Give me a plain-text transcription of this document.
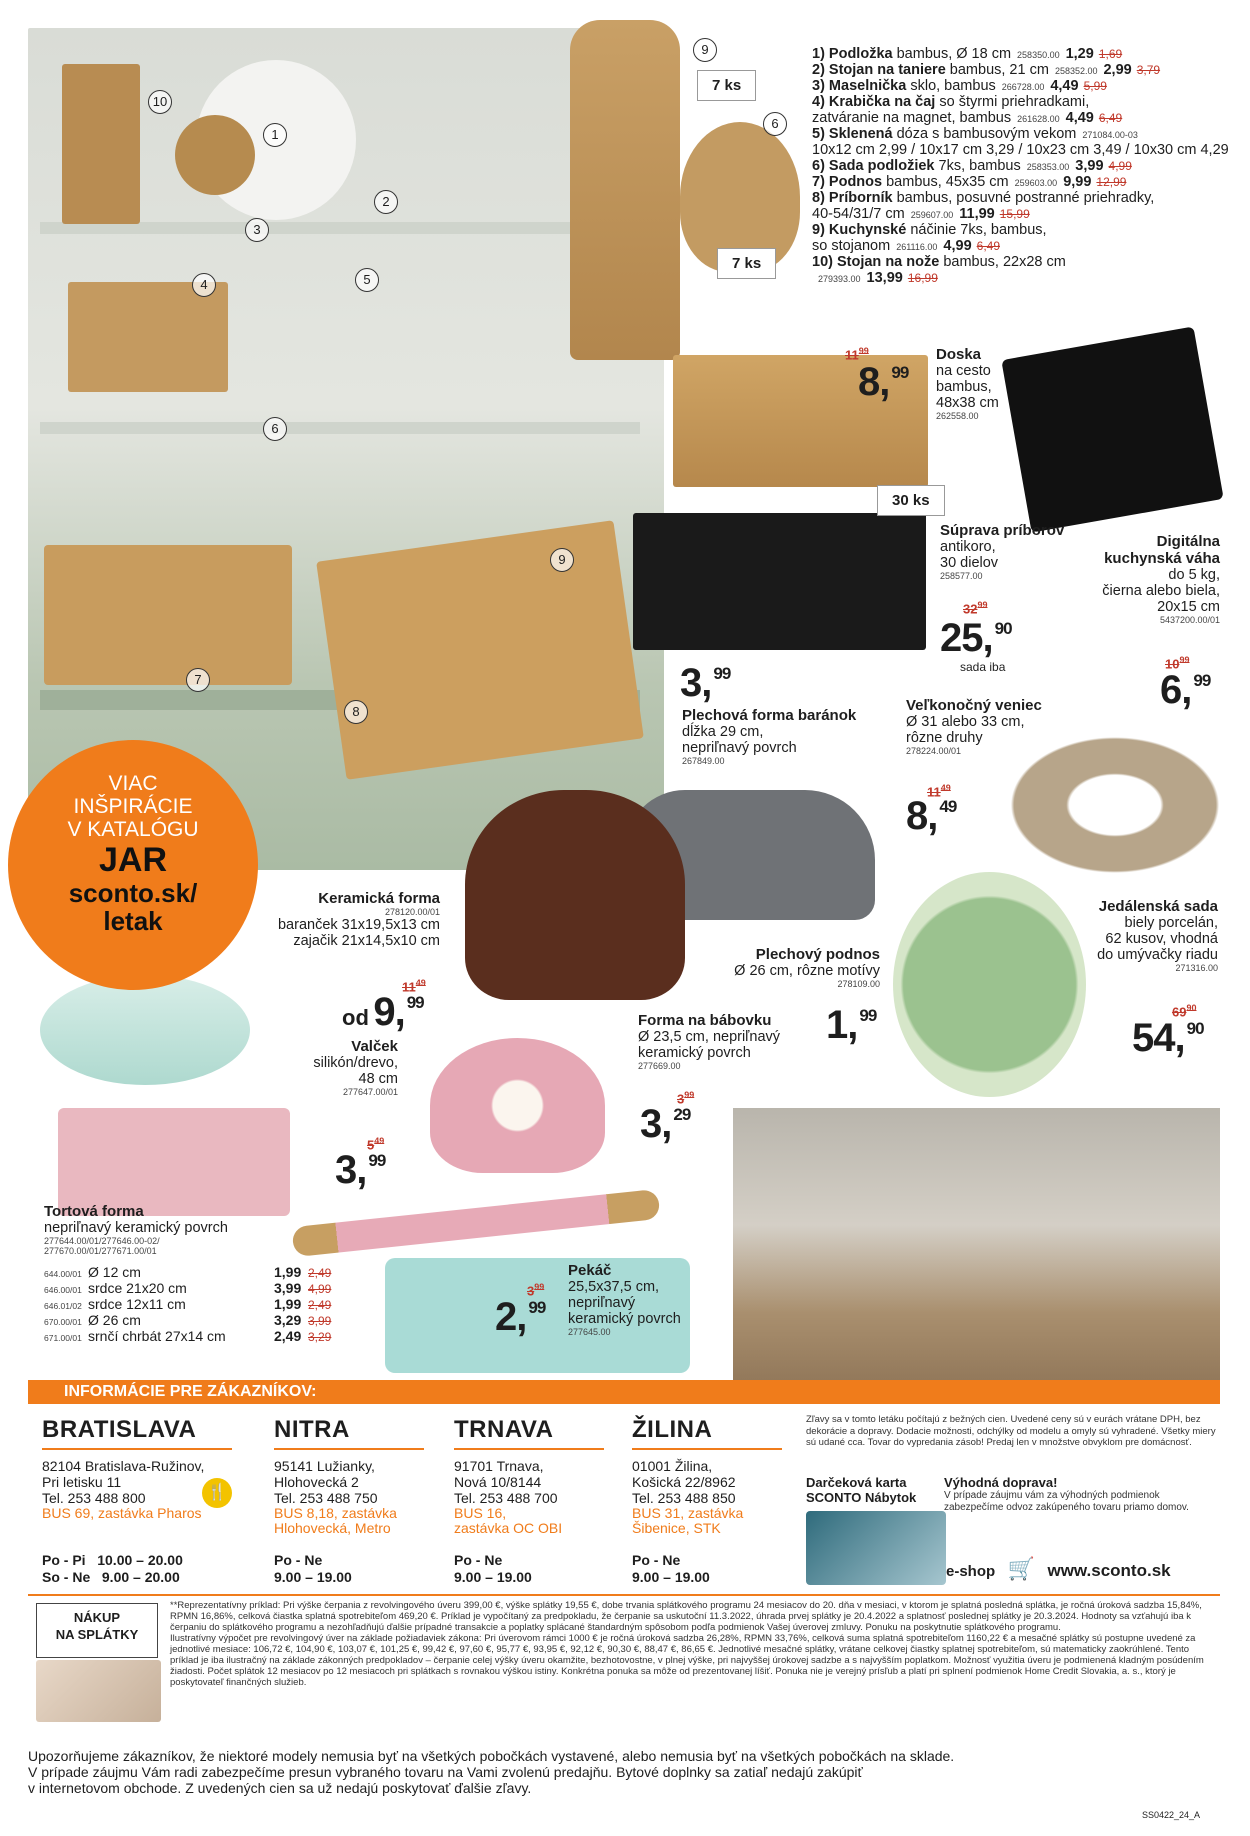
1
2
3
4	5
6
6
7
8
9
9
10
7 ks
7 ks
30 ks
1) Podložka bambus, Ø 18 cm 258350.00 1,29 1,69
2) Stojan na taniere bambus, 21 cm 258352.00 2,99 3,79
3) Maselnička sklo, bambus 266728.00 4,49 5,99
4) Krabička na čaj so štyrmi priehradkami,
zatváranie na magnet, bambus 261628.00 4,49 6,49
5) Sklenená dóza s bambusovým vekom 271084.00-03
10x12 cm 2,99 / 10x17 cm 3,29 / 10x23 cm 3,49 / 10x30 cm 4,29
6) Sada podložiek 7ks, bambus 258353.00 3,99 4,99
7) Podnos bambus, 45x35 cm 259603.00 9,99 12,99
8) Príborník bambus, posuvné postranné priehradky,
40-54/31/7 cm 259607.00 11,99 15,99
9) Kuchynské náčinie 7ks, bambus,
so stojanom 261116.00 4,99 6,49
10) Stojan na nože bambus, 22x28 cm
279393.00 13,99 16,99
$11^{99}$
8, $^{99}$
Doska
na cesto
bambus,
48x38 cm
262558.00
Súprava príborov
antikoro,
30 dielov
258577.00
$32^{99}$
25, $^{90}$
sada iba
Digitálna
kuchynská váha
do 5 kg,
čierna alebo biela,
20x15 cm
5437200.00/01
$10^{99}$
6, $^{99}$
3, $^{99}$
Plechová forma baránok
dĺžka 29 cm,
nepriľnavý povrch
267849.00
Veľkonočný veniec
Ø 31 alebo 33 cm,
rôzne druhy
278224.00/01
$11^{49}$
8, $^{49}$
VIAC
INŠPIRÁCIE
V KATALÓGU
JAR
sconto.sk/
letak
Keramická forma
278120.00/01
baranček 31x19,5x13 cm
zajačik 21x14,5x10 cm
$11^{49}$
od 9, $^{99}$
Plechový podnos
Ø 26 cm, rôzne motívy
278109.00
1, $^{99}$
Jedálenská sada
biely porcelán,
62 kusov, vhodná
do umývačky riadu
271316.00
$69^{90}$
54, $^{90}$
Forma na bábovku
Ø 23,5 cm, nepriľnavý
keramický povrch
277669.00
$3^{99}$
3, $^{29}$
Valček
silikón/drevo,
48 cm
277647.00/01
$5^{49}$
3, $^{99}$
Tortová forma
nepriľnavý keramický povrch
277644.00/01/277646.00-02/
277670.00/01/277671.00/01
644.00/01 Ø 12 cm	1,99 2,49
646.00/01 srdce 21x20 cm	3,99 4,99
646.01/02 srdce 12x11 cm	1,99 2,49
670.00/01 Ø 26 cm	3,29 3,99
671.00/01 srnčí chrbát 27x14 cm	2,49 3,29
Pekáč
25,5x37,5 cm,
nepriľnavý
keramický povrch
277645.00
$3^{99}$
2, $^{99}$
INFORMÁCIE PRE ZÁKAZNÍKOV:
BRATISLAVA
82104 Bratislava-Ružinov,
Pri letisku 11
Tel. 253 488 800
BUS 69, zastávka Pharos
Po - Pi   10.00 – 20.00
So - Ne   9.00 – 20.00
NITRA
95141 Lužianky,
Hlohovecká 2
Tel. 253 488 750
BUS 8,18, zastávka
Hlohovecká, Metro
Po - Ne
9.00 – 19.00
TRNAVA
91701 Trnava,
Nová 10/8144
Tel. 253 488 700
BUS 16,
zastávka OC OBI
Po - Ne
9.00 – 19.00
ŽILINA
01001 Žilina,
Košická 22/8962
Tel. 253 488 850
BUS 31, zastávka
Šibenice, STK
Po - Ne
9.00 – 19.00
🍴
Zľavy sa v tomto letáku počítajú z bežných cien. Uvedené ceny sú v eurách vrátane DPH, bez dekorácie a dopravy. Dodacie možnosti, odchýlky od modelu a omyly sú vyhradené. Všetky miery sú udané cca. Tovar do vypredania zásob! Predaj len v množstve obvyklom pre domácnosť.
Darčeková karta
SCONTO Nábytok
Výhodná doprava!
V prípade záujmu vám za výhodných podmienok zabezpečíme odvoz zakúpeného tovaru priamo domov.
e-shop 🛒 www.sconto.sk
NÁKUP
NA SPLÁTKY
**Reprezentatívny príklad: Pri výške čerpania z revolvingového úveru 399,00 €, výške splátky 19,55 €, dobe trvania splátkového programu 24 mesiacov do 20. dňa v mesiaci, v ktorom je splatná posledná splátka, je ročná úroková sadzba 15,84%, RPMN 16,86%, celková čiastka splatná spotrebiteľom 469,20 €. Príklad je vypočítaný za predpokladu, že čerpanie sa uskutoční 11.3.2022, úhrada prvej splátky je 20.4.2022 a splatnosť poslednej splátky je 20.3.2024. Hodnoty sa vzťahujú iba k čerpaniu do splátkového programu a nezohľadňujú ďalšie prípadné transakcie a poplatky splácané štandardným spôsobom podľa podmienok Vašej úverovej zmluvy. Ponuku na poskytnutie splátkového programu.
Ilustratívny výpočet pre revolvingový úver na základe požiadaviek zákona: Pri úverovom rámci 1000 € je ročná úroková sadzba 26,28%, RPMN 33,76%, celková suma splatná spotrebiteľom 1160,22 € a mesačné splátky sú postupne uvedené za jednotlivé mesiace: 106,72 €, 104,90 €, 103,07 €, 101,25 €, 99,42 €, 97,60 €, 95,77 €, 93,95 €, 92,12 €, 90,30 €, 88,47 €, 86,65 €. Jednotlivé mesačné splátky, vrátane celkovej čiastky splatnej spotrebiteľom, sú matematicky zaokrúhlené. Tento príklad je iba ilustračný na základe zákonných predpokladov – čerpanie celej výšky úveru okamžite, bezhotovostne, v plnej výške, pri najvyššej úrokovej sadzbe a s najvyšším poplatkom. Možnosť využitia úveru je podmienená kladným posúdením žiadosti. Počet splátok 12 mesiacov po 12 mesiacoch pri splátkach s rovnakou výškou istiny. Konkrétna ponuka sa môže od prezentovanej líšiť. Ponuka nie je verejný prísľub a platí pri splnení podmienok Home Credit Slovakia, a. s., ktorý je poskytovateľ finančných služieb.
Upozorňujeme zákazníkov, že niektoré modely nemusia byť na všetkých pobočkách vystavené, alebo nemusia byť na všetkých pobočkách na sklade.
V prípade záujmu Vám radi zabezpečíme presun vybraného tovaru na Vami zvolenú predajňu. Bytové doplnky sa zatiaľ nedajú zakúpiť
v internetovom obchode. Z uvedených cien sa už nedajú poskytovať ďalšie zľavy.
SS0422_24_A
